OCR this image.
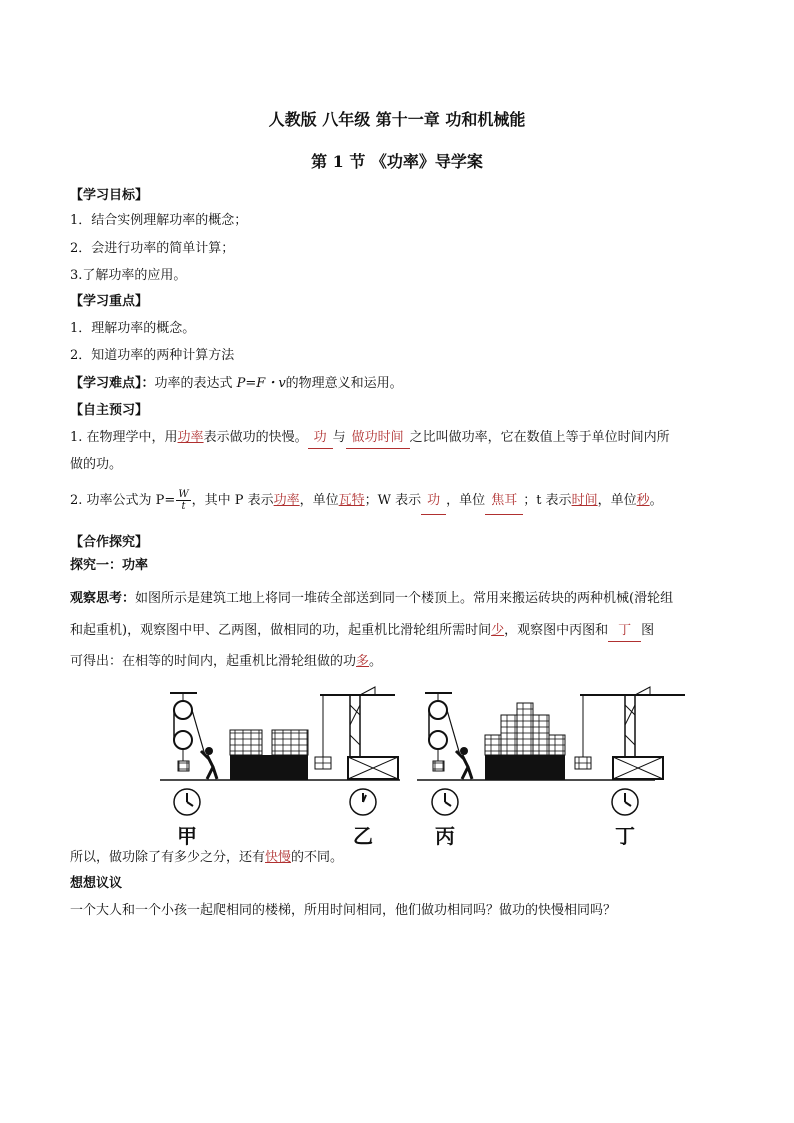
人教版 八年级 第十一章 功和机械能
第 1 节 《功率》导学案
【学习目标】
1．结合实例理解功率的概念；
2．会进行功率的简单计算；
3.了解功率的应用。
【学习重点】
1．理解功率的概念。
2．知道功率的两种计算方法
【学习难点】：功率的表达式 P=F・v的物理意义和运用。
【自主预习】
1. 在物理学中，用功率表示做功的快慢。 功 与 做功时间 之比叫做功率，它在数值上等于单位时间内所
做的功。
2. 功率公式为 $P= \frac{W}{t}$ ，其中 P 表示功率，单位瓦特；W 表示 功 ，单位 焦耳 ；t 表示时间，单位秒。
【合作探究】
探究一：功率
观察思考：如图所示是建筑工地上将同一堆砖全部送到同一个楼顶上。常用来搬运砖块的两种机械(滑轮组
和起重机)，观察图中甲、乙两图，做相同的功，起重机比滑轮组所需时间少，观察图中丙图和 丁 图
可得出：在相等的时间内，起重机比滑轮组做的功多。
甲	乙	丙	丁
所以，做功除了有多少之分，还有快慢的不同。
想想议议
一个大人和一个小孩一起爬相同的楼梯，所用时间相同，他们做功相同吗？做功的快慢相同吗？
